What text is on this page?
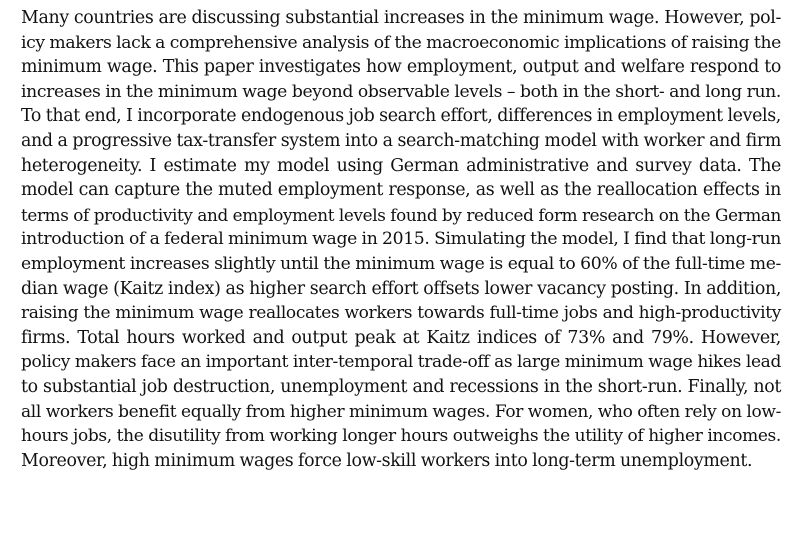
Many countries are discussing substantial increases in the minimum wage. However, pol-
icy makers lack a comprehensive analysis of the macroeconomic implications of raising the
minimum wage. This paper investigates how employment, output and welfare respond to
increases in the minimum wage beyond observable levels – both in the short- and long run.
To that end, I incorporate endogenous job search effort, differences in employment levels,
and a progressive tax-transfer system into a search-matching model with worker and firm
heterogeneity. I estimate my model using German administrative and survey data. The
model can capture the muted employment response, as well as the reallocation effects in
terms of productivity and employment levels found by reduced form research on the German
introduction of a federal minimum wage in 2015. Simulating the model, I find that long-run
employment increases slightly until the minimum wage is equal to 60% of the full-time me-
dian wage (Kaitz index) as higher search effort offsets lower vacancy posting. In addition,
raising the minimum wage reallocates workers towards full-time jobs and high-productivity
firms. Total hours worked and output peak at Kaitz indices of 73% and 79%. However,
policy makers face an important inter-temporal trade-off as large minimum wage hikes lead
to substantial job destruction, unemployment and recessions in the short-run. Finally, not
all workers benefit equally from higher minimum wages. For women, who often rely on low-
hours jobs, the disutility from working longer hours outweighs the utility of higher incomes.
Moreover, high minimum wages force low-skill workers into long-term unemployment.
